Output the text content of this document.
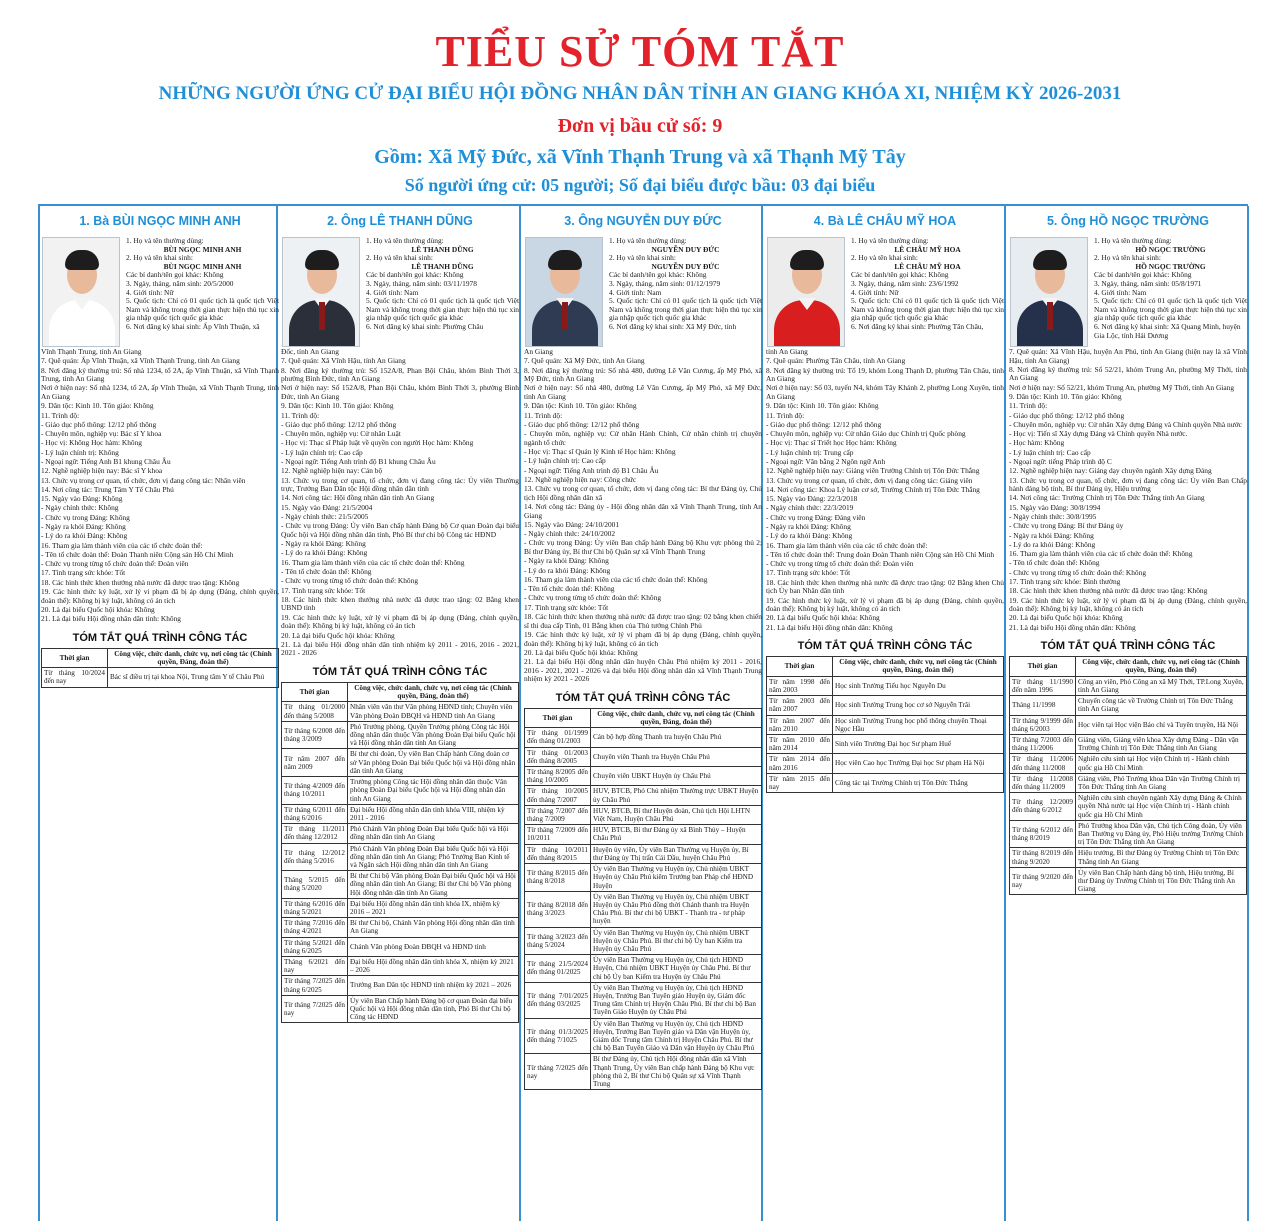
TIỂU SỬ TÓM TẮT
NHỮNG NGƯỜI ỨNG CỬ ĐẠI BIỂU HỘI ĐỒNG NHÂN DÂN TỈNH AN GIANG KHÓA XI, NHIỆM KỲ 2026-2031
Đơn vị bầu cử số: 9
Gồm: Xã Mỹ Đức, xã Vĩnh Thạnh Trung và xã Thạnh Mỹ Tây
Số người ứng cử: 05 người; Số đại biểu được bầu: 03 đại biểu
1. Bà BÙI NGỌC MINH ANH
1. Họ và tên thường dùng:
BÙI NGỌC MINH ANH
2. Họ và tên khai sinh:
BÙI NGỌC MINH ANH
Các bí danh/tên gọi khác: Không
3. Ngày, tháng, năm sinh: 20/5/2000
4. Giới tính: Nữ
5. Quốc tịch: Chỉ có 01 quốc tịch là quốc tịch Việt Nam và không trong thời gian thực hiện thủ tục xin gia nhập quốc tịch quốc gia khác
6. Nơi đăng ký khai sinh: Ấp Vĩnh Thuận, xã
Vĩnh Thạnh Trung, tỉnh An Giang
7. Quê quán: Ấp Vĩnh Thuận, xã Vĩnh Thạnh Trung, tỉnh An Giang
8. Nơi đăng ký thường trú: Số nhà 1234, tổ 2A, ấp Vĩnh Thuận, xã Vĩnh Thạnh Trung, tỉnh An Giang
Nơi ở hiện nay: Số nhà 1234, tổ 2A, ấp Vĩnh Thuận, xã Vĩnh Thạnh Trung, tỉnh An Giang
9. Dân tộc: Kinh 10. Tôn giáo: Không
11. Trình độ:
- Giáo dục phổ thông: 12/12 phổ thông
- Chuyên môn, nghiệp vụ: Bác sĩ Y khoa
- Học vị: Không Học hàm: Không
- Lý luận chính trị: Không
- Ngoại ngữ: Tiếng Anh B1 khung Châu Âu
12. Nghề nghiệp hiện nay: Bác sĩ Y khoa
13. Chức vụ trong cơ quan, tổ chức, đơn vị đang công tác: Nhân viên
14. Nơi công tác: Trung Tâm Y Tế Châu Phú
15. Ngày vào Đảng: Không
- Ngày chính thức: Không
- Chức vụ trong Đảng: Không
- Ngày ra khỏi Đảng: Không
- Lý do ra khỏi Đảng: Không
16. Tham gia làm thành viên của các tổ chức đoàn thể:
- Tên tổ chức đoàn thể: Đoàn Thanh niên Cộng sản Hồ Chí Minh
- Chức vụ trong từng tổ chức đoàn thể: Đoàn viên
17. Tình trạng sức khỏe: Tốt
18. Các hình thức khen thưởng nhà nước đã được trao tặng: Không
19. Các hình thức kỷ luật, xử lý vi phạm đã bị áp dụng (Đảng, chính quyền, đoàn thể): Không bị kỷ luật, không có án tích
20. Là đại biểu Quốc hội khóa: Không
21. Là đại biểu Hội đồng nhân dân tỉnh: Không
TÓM TẮT QUÁ TRÌNH CÔNG TÁC
Thời gian	Công việc, chức danh, chức vụ, nơi công tác (Chính quyền, Đảng, đoàn thể)
Từ tháng 10/2024 đến nay	Bác sĩ điều trị tại khoa Nội, Trung tâm Y tế Châu Phú
2. Ông LÊ THANH DŨNG
1. Họ và tên thường dùng:
LÊ THANH DŨNG
2. Họ và tên khai sinh:
LÊ THANH DŨNG
Các bí danh/tên gọi khác: Không
3. Ngày, tháng, năm sinh: 03/11/1978
4. Giới tính: Nam
5. Quốc tịch: Chỉ có 01 quốc tịch là quốc tịch Việt Nam và không trong thời gian thực hiện thủ tục xin gia nhập quốc tịch quốc gia khác
6. Nơi đăng ký khai sinh: Phường Châu
Đốc, tỉnh An Giang
7. Quê quán: Xã Vĩnh Hậu, tỉnh An Giang
8. Nơi đăng ký thường trú: Số 152A/8, Phan Bội Châu, khóm Bình Thới 3, phường Bình Đức, tỉnh An Giang
Nơi ở hiện nay: Số 152A/8, Phan Bội Châu, khóm Bình Thới 3, phường Bình Đức, tỉnh An Giang
9. Dân tộc: Kinh 10. Tôn giáo: Không
11. Trình độ:
- Giáo dục phổ thông: 12/12 phổ thông
- Chuyên môn, nghiệp vụ: Cử nhân Luật
- Học vị: Thạc sĩ Pháp luật về quyền con người Học hàm: Không
- Lý luận chính trị: Cao cấp
- Ngoại ngữ: Tiếng Anh trình độ B1 khung Châu Âu
12. Nghề nghiệp hiện nay: Cán bộ
13. Chức vụ trong cơ quan, tổ chức, đơn vị đang công tác: Ủy viên Thường trực, Trưởng Ban Dân tộc Hội đồng nhân dân tỉnh
14. Nơi công tác: Hội đồng nhân dân tỉnh An Giang
15. Ngày vào Đảng: 21/5/2004
- Ngày chính thức: 21/5/2005
- Chức vụ trong Đảng: Ủy viên Ban chấp hành Đảng bộ Cơ quan Đoàn đại biểu Quốc hội và Hội đồng nhân dân tỉnh, Phó Bí thư chi bộ Công tác HĐND
- Ngày ra khỏi Đảng: Không
- Lý do ra khỏi Đảng: Không
16. Tham gia làm thành viên của các tổ chức đoàn thể: Không
- Tên tổ chức đoàn thể: Không
- Chức vụ trong từng tổ chức đoàn thể: Không
17. Tình trạng sức khỏe: Tốt
18. Các hình thức khen thưởng nhà nước đã được trao tặng: 02 Bằng khen UBND tỉnh
19. Các hình thức kỷ luật, xử lý vi phạm đã bị áp dụng (Đảng, chính quyền, đoàn thể): Không bị kỷ luật, không có án tích
20. Là đại biểu Quốc hội khóa: Không
21. Là đại biểu Hội đồng nhân dân tỉnh nhiệm kỳ 2011 - 2016, 2016 - 2021, 2021 - 2026
TÓM TẮT QUÁ TRÌNH CÔNG TÁC
Thời gian	Công việc, chức danh, chức vụ, nơi công tác (Chính quyền, Đảng, đoàn thể)
Từ tháng 01/2000 đến tháng 5/2008	Nhân viên văn thư Văn phòng HĐND tỉnh; Chuyên viên Văn phòng Đoàn ĐBQH và HĐND tỉnh An Giang
Từ tháng 6/2008 đến tháng 3/2009	Phó Trưởng phòng, Quyền Trưởng phòng Công tác Hội đồng nhân dân thuộc Văn phòng Đoàn Đại biểu Quốc hội và Hội đồng nhân dân tỉnh An Giang
Từ năm 2007 đến năm 2009	Bí thư chi đoàn, Ủy viên Ban Chấp hành Công đoàn cơ sở Văn phòng Đoàn Đại biểu Quốc hội và Hội đồng nhân dân tỉnh An Giang
Từ tháng 4/2009 đến tháng 10/2011	Trưởng phòng Công tác Hội đồng nhân dân thuộc Văn phòng Đoàn Đại biểu Quốc hội và Hội đồng nhân dân tỉnh An Giang
Từ tháng 6/2011 đến tháng 6/2016	Đại biểu Hội đồng nhân dân tỉnh khóa VIII, nhiệm kỳ 2011 - 2016
Từ tháng 11/2011 đến tháng 12/2012	Phó Chánh Văn phòng Đoàn Đại biểu Quốc hội và Hội đồng nhân dân tỉnh An Giang
Từ tháng 12/2012 đến tháng 5/2016	Phó Chánh Văn phòng Đoàn Đại biểu Quốc hội và Hội đồng nhân dân tỉnh An Giang; Phó Trưởng Ban Kinh tế và Ngân sách Hội đồng nhân dân tỉnh An Giang
Tháng 5/2015 đến tháng 5/2020	Bí thư Chi bộ Văn phòng Đoàn Đại biểu Quốc hội và Hội đồng nhân dân tỉnh An Giang; Bí thư Chi bộ Văn phòng Hội đồng nhân dân tỉnh An Giang
Từ tháng 6/2016 đến tháng 5/2021	Đại biểu Hội đồng nhân dân tỉnh khóa IX, nhiệm kỳ 2016 – 2021
Từ tháng 7/2016 đến tháng 4/2021	Bí thư Chi bộ, Chánh Văn phòng Hội đồng nhân dân tỉnh An Giang
Từ tháng 5/2021 đến tháng 6/2025	Chánh Văn phòng Đoàn ĐBQH và HĐND tỉnh
Tháng 6/2021 đến nay	Đại biểu Hội đồng nhân dân tỉnh khóa X, nhiệm kỳ 2021 – 2026
Từ tháng 7/2025 đến tháng 6/2025	Trưởng Ban Dân tộc HĐND tỉnh nhiệm kỳ 2021 – 2026
Từ tháng 7/2025 đến nay	Ủy viên Ban Chấp hành Đảng bộ cơ quan Đoàn đại biểu Quốc hội và Hội đồng nhân dân tỉnh, Phó Bí thư Chi bộ Công tác HĐND
3. Ông NGUYỄN DUY ĐỨC
1. Họ và tên thường dùng:
NGUYỄN DUY ĐỨC
2. Họ và tên khai sinh:
NGUYỄN DUY ĐỨC
Các bí danh/tên gọi khác: Không
3. Ngày, tháng, năm sinh: 01/12/1979
4. Giới tính: Nam
5. Quốc tịch: Chỉ có 01 quốc tịch là quốc tịch Việt Nam và không trong thời gian thực hiện thủ tục xin gia nhập quốc tịch quốc gia khác
6. Nơi đăng ký khai sinh: Xã Mỹ Đức, tỉnh
An Giang
7. Quê quán: Xã Mỹ Đức, tỉnh An Giang
8. Nơi đăng ký thường trú: Số nhà 480, đường Lê Văn Cương, ấp Mỹ Phó, xã Mỹ Đức, tỉnh An Giang
Nơi ở hiện nay: Số nhà 480, đường Lê Văn Cương, ấp Mỹ Phó, xã Mỹ Đức, tỉnh An Giang
9. Dân tộc: Kinh 10. Tôn giáo: Không
11. Trình độ:
- Giáo dục phổ thông: 12/12 phổ thông
- Chuyên môn, nghiệp vụ: Cử nhân Hành Chính, Cử nhân chính trị chuyên ngành tổ chức
- Học vị: Thạc sĩ Quản lý Kinh tế Học hàm: Không
- Lý luận chính trị: Cao cấp
- Ngoại ngữ: Tiếng Anh trình độ B1 Châu Âu
12. Nghề nghiệp hiện nay: Công chức
13. Chức vụ trong cơ quan, tổ chức, đơn vị đang công tác: Bí thư Đảng ủy, Chủ tịch Hội đồng nhân dân xã
14. Nơi công tác: Đảng ủy - Hội đồng nhân dân xã Vĩnh Thạnh Trung, tỉnh An Giang
15. Ngày vào Đảng: 24/10/2001
- Ngày chính thức: 24/10/2002
- Chức vụ trong Đảng: Ủy viên Ban chấp hành Đảng bộ Khu vực phòng thủ 2; Bí thư Đảng ủy, Bí thư Chi bộ Quân sự xã Vĩnh Thạnh Trung
- Ngày ra khỏi Đảng: Không
- Lý do ra khỏi Đảng: Không
16. Tham gia làm thành viên của các tổ chức đoàn thể: Không
- Tên tổ chức đoàn thể: Không
- Chức vụ trong từng tổ chức đoàn thể: Không
17. Tình trạng sức khỏe: Tốt
18. Các hình thức khen thưởng nhà nước đã được trao tặng: 02 bằng khen chiến sĩ thi đua cấp Tỉnh, 01 Bằng khen của Thủ tướng Chính Phủ
19. Các hình thức kỷ luật, xử lý vi phạm đã bị áp dụng (Đảng, chính quyền, đoàn thể): Không bị kỷ luật, không có án tích
20. Là đại biểu Quốc hội khóa: Không
21. Là đại biểu Hội đồng nhân dân huyện Châu Phú nhiệm kỳ 2011 - 2016, 2016 - 2021, 2021 - 2026 và đại biểu Hội đồng nhân dân xã Vĩnh Thạnh Trung nhiệm kỳ 2021 - 2026
TÓM TẮT QUÁ TRÌNH CÔNG TÁC
Thời gian	Công việc, chức danh, chức vụ, nơi công tác (Chính quyền, Đảng, đoàn thể)
Từ tháng 01/1999 đến tháng 01/2003	Cán bộ hợp đồng Thanh tra huyện Châu Phú
Từ tháng 01/2003 đến tháng 8/2005	Chuyên viên Thanh tra Huyện Châu Phú
Từ tháng 8/2005 đến tháng 10/2005	Chuyên viên UBKT Huyện ủy Châu Phú
Từ tháng 10/2005 đến tháng 7/2007	HUV, BTCB, Phó Chủ nhiệm Thường trực UBKT Huyện ủy Châu Phú
Từ tháng 7/2007 đến tháng 7/2009	HUV, BTCB, Bí thư Huyện đoàn, Chủ tịch Hội LHTN Việt Nam, Huyện Châu Phú
Từ tháng 7/2009 đến 10/2011	HUV, BTCB, Bí thư Đảng ủy xã Bình Thủy – Huyện Châu Phú
Từ tháng 10/2011 đến tháng 8/2015	Huyện ủy viên, Ủy viên Ban Thường vụ Huyện ủy, Bí thư Đảng ủy Thị trấn Cái Dầu, huyện Châu Phú
Từ tháng 8/2015 đến tháng 8/2018	Ủy viên Ban Thường vụ Huyện ủy, Chủ nhiệm UBKT Huyện ủy Châu Phú kiêm Trưởng ban Pháp chế HĐND Huyện
Từ tháng 8/2018 đến tháng 3/2023	Ủy viên Ban Thường vụ Huyện ủy, Chủ nhiệm UBKT Huyện ủy Châu Phú đồng thời Chánh thanh tra Huyện Châu Phú. Bí thư chi bộ UBKT - Thanh tra - tư pháp huyện
Từ tháng 3/2023 đến tháng 5/2024	Ủy viên Ban Thường vụ Huyện ủy, Chủ nhiệm UBKT Huyện ủy Châu Phú. Bí thư chi bộ Ủy ban Kiểm tra Huyện ủy Châu Phú
Từ tháng 21/5/2024 đến tháng 01/2025	Ủy viên Ban Thường vụ Huyện ủy, Chủ tịch HĐND Huyện, Chủ nhiệm UBKT Huyện ủy Châu Phú. Bí thư chi bộ Ủy ban Kiểm tra Huyện ủy Châu Phú
Từ tháng 7/01/2025 đến tháng 03/2025	Ủy viên Ban Thường vụ Huyện ủy, Chủ tịch HĐND Huyện, Trưởng Ban Tuyên giáo Huyện ủy, Giám đốc Trung tâm Chính trị Huyện Châu Phú. Bí thư chi bộ Ban Tuyên Giáo Huyện ủy Châu Phú
Từ tháng 01/3/2025 đến tháng 7/1025	Ủy viên Ban Thường vụ Huyện ủy, Chủ tịch HĐND Huyện, Trưởng Ban Tuyên giáo và Dân vận Huyện ủy, Giám đốc Trung tâm Chính trị Huyện Châu Phú. Bí thư chi bộ Ban Tuyên Giáo và Dân vận Huyện ủy Châu Phú
Từ tháng 7/2025 đến nay	Bí thư Đảng ủy, Chủ tịch Hội đồng nhân dân xã Vĩnh Thạnh Trung, Ủy viên Ban chấp hành Đảng bộ Khu vực phòng thủ 2, Bí thư Chi bộ Quân sự xã Vĩnh Thạnh Trung
4. Bà LÊ CHÂU MỸ HOA
1. Họ và tên thường dùng:
LÊ CHÂU MỸ HOA
2. Họ và tên khai sinh:
LÊ CHÂU MỸ HOA
Các bí danh/tên gọi khác: Không
3. Ngày, tháng, năm sinh: 23/6/1992
4. Giới tính: Nữ
5. Quốc tịch: Chỉ có 01 quốc tịch là quốc tịch Việt Nam và không trong thời gian thực hiện thủ tục xin gia nhập quốc tịch quốc gia khác
6. Nơi đăng ký khai sinh: Phường Tân Châu,
tỉnh An Giang
7. Quê quán: Phường Tân Châu, tỉnh An Giang
8. Nơi đăng ký thường trú: Tổ 19, khóm Long Thạnh D, phường Tân Châu, tỉnh An Giang
Nơi ở hiện nay: Số 03, tuyến N4, khóm Tây Khánh 2, phường Long Xuyên, tỉnh An Giang
9. Dân tộc: Kinh 10. Tôn giáo: Không
11. Trình độ:
- Giáo dục phổ thông: 12/12 phổ thông
- Chuyên môn, nghiệp vụ: Cử nhân Giáo dục Chính trị Quốc phòng
- Học vị: Thạc sĩ Triết học Học hàm: Không
- Lý luận chính trị: Trung cấp
- Ngoại ngữ: Văn bằng 2 Ngôn ngữ Anh
12. Nghề nghiệp hiện nay: Giảng viên Trường Chính trị Tôn Đức Thắng
13. Chức vụ trong cơ quan, tổ chức, đơn vị đang công tác: Giảng viên
14. Nơi công tác: Khoa Lý luận cơ sở, Trường Chính trị Tôn Đức Thắng
15. Ngày vào Đảng: 22/3/2018
- Ngày chính thức: 22/3/2019
- Chức vụ trong Đảng: Đảng viên
- Ngày ra khỏi Đảng: Không
- Lý do ra khỏi Đảng: Không
16. Tham gia làm thành viên của các tổ chức đoàn thể:
- Tên tổ chức đoàn thể: Trung đoàn Đoàn Thanh niên Cộng sản Hồ Chí Minh
- Chức vụ trong từng tổ chức đoàn thể: Đoàn viên
17. Tình trạng sức khỏe: Tốt
18. Các hình thức khen thưởng nhà nước đã được trao tặng: 02 Bằng khen Chủ tịch Ủy ban Nhân dân tỉnh
19. Các hình thức kỷ luật, xử lý vi phạm đã bị áp dụng (Đảng, chính quyền, đoàn thể): Không bị kỷ luật, không có án tích
20. Là đại biểu Quốc hội khóa: Không
21. Là đại biểu Hội đồng nhân dân: Không
TÓM TẮT QUÁ TRÌNH CÔNG TÁC
Thời gian	Công việc, chức danh, chức vụ, nơi công tác (Chính quyền, Đảng, đoàn thể)
Từ năm 1998 đến năm 2003	Học sinh Trường Tiểu học Nguyễn Du
Từ năm 2003 đến năm 2007	Học sinh Trường Trung học cơ sở Nguyễn Trãi
Từ năm 2007 đến năm 2010	Học sinh Trường Trung học phổ thông chuyên Thoại Ngọc Hầu
Từ năm 2010 đến năm 2014	Sinh viên Trường Đại học Sư phạm Huế
Từ năm 2014 đến năm 2016	Học viên Cao học Trường Đại học Sư phạm Hà Nội
Từ năm 2015 đến nay	Công tác tại Trường Chính trị Tôn Đức Thắng
5. Ông HỒ NGỌC TRƯỜNG
1. Họ và tên thường dùng:
HỒ NGỌC TRƯỜNG
2. Họ và tên khai sinh:
HỒ NGỌC TRƯỜNG
Các bí danh/tên gọi khác: Không
3. Ngày, tháng, năm sinh: 05/8/1971
4. Giới tính: Nam
5. Quốc tịch: Chỉ có 01 quốc tịch là quốc tịch Việt Nam và không trong thời gian thực hiện thủ tục xin gia nhập quốc tịch quốc gia khác
6. Nơi đăng ký khai sinh: Xã Quang Minh, huyện Gia Lộc, tỉnh Hải Dương
7. Quê quán: Xã Vĩnh Hậu, huyện An Phú, tỉnh An Giang (hiện nay là xã Vĩnh Hậu, tỉnh An Giang)
8. Nơi đăng ký thường trú: Số 52/21, khóm Trung An, phường Mỹ Thới, tỉnh An Giang
Nơi ở hiện nay: Số 52/21, khóm Trung An, phường Mỹ Thới, tỉnh An Giang
9. Dân tộc: Kinh 10. Tôn giáo: Không
11. Trình độ:
- Giáo dục phổ thông: 12/12 phổ thông
- Chuyên môn, nghiệp vụ: Cử nhân Xây dựng Đảng và Chính quyền Nhà nước
- Học vị: Tiến sĩ Xây dựng Đảng và Chính quyền Nhà nước.
- Học hàm: Không
- Lý luận chính trị: Cao cấp
- Ngoại ngữ: tiếng Pháp trình độ C
12. Nghề nghiệp hiện nay: Giảng dạy chuyên ngành Xây dựng Đảng
13. Chức vụ trong cơ quan, tổ chức, đơn vị đang công tác: Ủy viên Ban Chấp hành đảng bộ tỉnh, Bí thư Đảng ủy, Hiệu trưởng
14. Nơi công tác: Trường Chính trị Tôn Đức Thắng tỉnh An Giang
15. Ngày vào Đảng: 30/8/1994
- Ngày chính thức: 30/8/1995
- Chức vụ trong Đảng: Bí thư Đảng ủy
- Ngày ra khỏi Đảng: Không
- Lý do ra khỏi Đảng: Không
16. Tham gia làm thành viên của các tổ chức đoàn thể: Không
- Tên tổ chức đoàn thể: Không
- Chức vụ trong từng tổ chức đoàn thể: Không
17. Tình trạng sức khỏe: Bình thường
18. Các hình thức khen thưởng nhà nước đã được trao tặng: Không
19. Các hình thức kỷ luật, xử lý vi phạm đã bị áp dụng (Đảng, chính quyền, đoàn thể): Không bị kỷ luật, không có án tích
20. Là đại biểu Quốc hội khóa: Không
21. Là đại biểu Hội đồng nhân dân: Không
TÓM TẮT QUÁ TRÌNH CÔNG TÁC
Thời gian	Công việc, chức danh, chức vụ, nơi công tác (Chính quyền, Đảng, đoàn thể)
Từ tháng 11/1990 đến năm 1996	Công an viên, Phó Công an xã Mỹ Thới, TP.Long Xuyên, tỉnh An Giang
Tháng 11/1998	Chuyển công tác về Trường Chính trị Tôn Đức Thắng tỉnh An Giang
Từ tháng 9/1999 đến tháng 6/2003	Học viên tại Học viện Báo chí và Tuyên truyền, Hà Nội
Từ tháng 7/2003 đến tháng 11/2006	Giảng viên, Giảng viên khoa Xây dựng Đảng - Dân vận Trường Chính trị Tôn Đức Thắng tỉnh An Giang
Từ tháng 11/2006 đến tháng 11/2008	Nghiên cứu sinh tại Học viện Chính trị - Hành chính quốc gia Hồ Chí Minh
Từ tháng 11/2008 đến tháng 11/2009	Giảng viên, Phó Trưởng khoa Dân vận Trường Chính trị Tôn Đức Thắng tỉnh An Giang
Từ tháng 12/2009 đến tháng 6/2012	Nghiên cứu sinh chuyên ngành Xây dựng Đảng & Chính quyền Nhà nước tại Học viện Chính trị - Hành chính quốc gia Hồ Chí Minh
Từ tháng 6/2012 đến tháng 8/2019	Phó Trưởng khoa Dân vận, Chủ tịch Công đoàn, Ủy viên Ban Thường vụ Đảng ủy, Phó Hiệu trưởng Trường Chính trị Tôn Đức Thắng tỉnh An Giang
Từ tháng 8/2019 đến tháng 9/2020	Hiệu trưởng, Bí thư Đảng ủy Trường Chính trị Tôn Đức Thắng tỉnh An Giang
Từ tháng 9/2020 đến nay	Ủy viên Ban Chấp hành đảng bộ tỉnh, Hiệu trưởng, Bí thư Đảng ủy Trường Chính trị Tôn Đức Thắng tỉnh An Giang
